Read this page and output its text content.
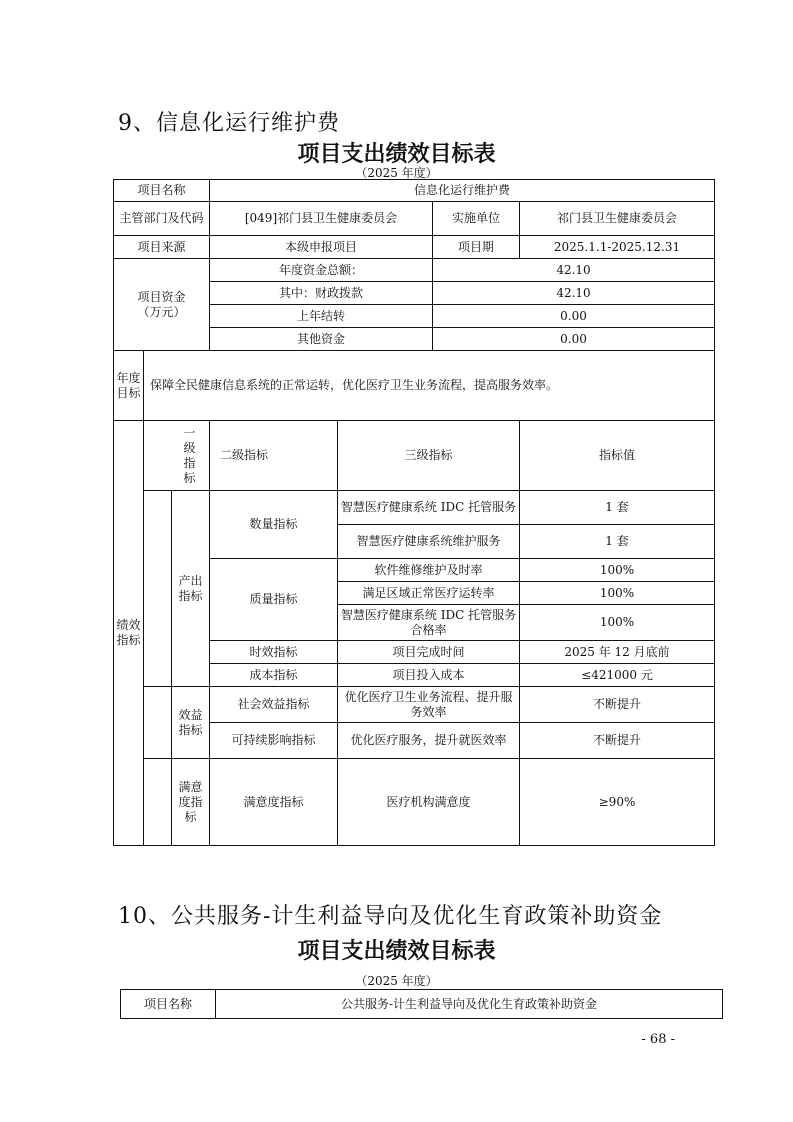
9、信息化运行维护费
项目支出绩效目标表
（2025 年度）
项目名称			信息化运行维护费			
主管部门及代码			[049]祁门县卫生健康委员会		实施单位	祁门县卫生健康委员会
项目来源			本级申报项目		项目期	2025.1.1-2025.12.31
项目资金（万元）			年度资金总额：		42.10	
			其中：财政拨款		42.10	
			上年结转		0.00	
			其他资金		0.00	
年度目标	保障全民健康信息系统的正常运转，优化医疗卫生业务流程，提高服务效率。					
绩效指标	一级指标		二级指标	三级指标		指标值
		产出指标	数量指标	智慧医疗健康系统 IDC 托管服务		1 套
				智慧医疗健康系统维护服务		1 套
			质量指标	软件维修维护及时率		100%
				满足区域正常医疗运转率		100%
				智慧医疗健康系统 IDC 托管服务合格率		100%
			时效指标	项目完成时间		2025 年 12 月底前
			成本指标	项目投入成本		≤421000 元
		效益指标	社会效益指标	优化医疗卫生业务流程、提升服务效率		不断提升
			可持续影响指标	优化医疗服务，提升就医效率		不断提升
		满意度指标	满意度指标	医疗机构满意度		≥90%
10、公共服务-计生利益导向及优化生育政策补助资金
项目支出绩效目标表
（2025 年度）
项目名称	公共服务-计生利益导向及优化生育政策补助资金
- 68 -
